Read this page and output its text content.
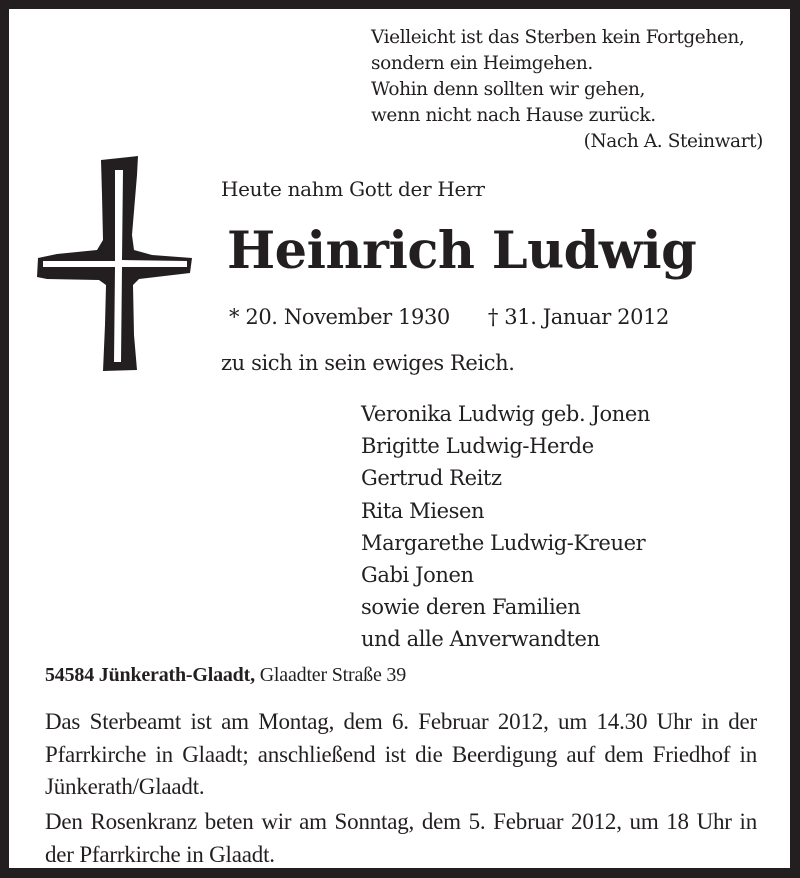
Vielleicht ist das Sterben kein Fortgehen,
sondern ein Heimgehen.
Wohin denn sollten wir gehen,
wenn nicht nach Hause zurück.
(Nach A. Steinwart)
Heute nahm Gott der Herr
Heinrich Ludwig
* 20. November 1930 † 31. Januar 2012
zu sich in sein ewiges Reich.
Veronika Ludwig geb. Jonen
Brigitte Ludwig-Herde
Gertrud Reitz
Rita Miesen
Margarethe Ludwig-Kreuer
Gabi Jonen
sowie deren Familien
und alle Anverwandten
54584 Jünkerath-Glaadt, Glaadter Straße 39
Das Sterbeamt ist am Montag, dem 6. Februar 2012, um 14.30 Uhr in der Pfarrkirche in Glaadt; anschließend ist die Beerdigung auf dem Friedhof in Jünkerath/Glaadt.
Den Rosenkranz beten wir am Sonntag, dem 5. Februar 2012, um 18 Uhr in der Pfarrkirche in Glaadt.
